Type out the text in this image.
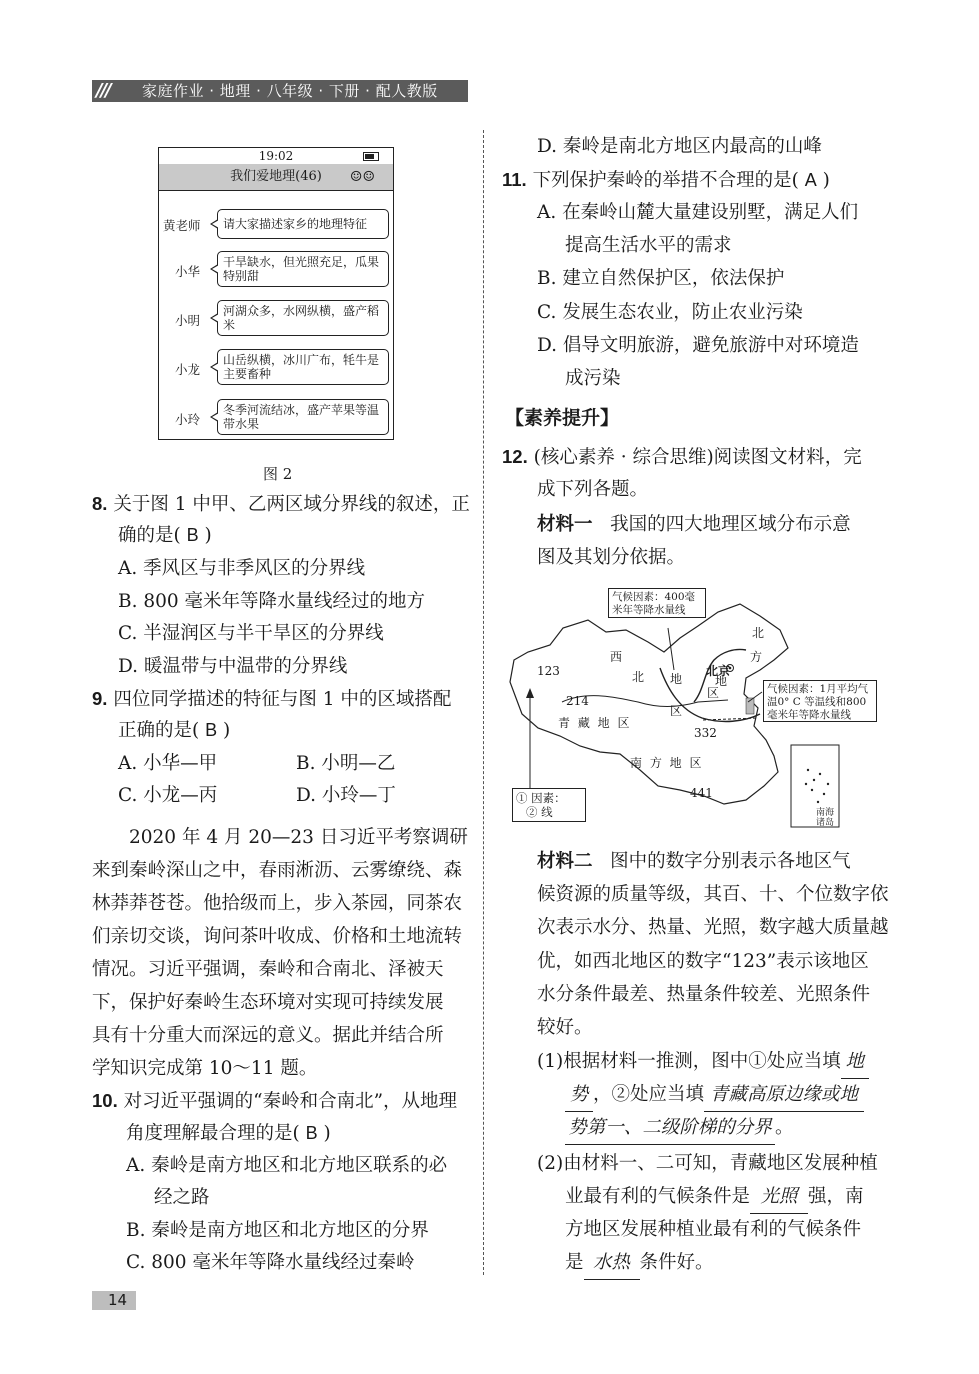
/// 家庭作业 · 地理 · 八年级 · 下册 · 配人教版
19:02
我们爱地理(46) ☺☺
黄老师	请大家描述家乡的地理特征
小华
干旱缺水，但光照充足，瓜果特别甜
小明
河湖众多，水网纵横，盛产稻米
小龙
山岳纵横，冰川广布，牦牛是主要畜种
小玲
冬季河流结冰，盛产苹果等温带水果
图 2
8. 关于图 1 中甲、乙两区域分界线的叙述，正
确的是( B )
A. 季风区与非季风区的分界线
B. 800 毫米年等降水量线经过的地方
C. 半湿润区与半干旱区的分界线
D. 暖温带与中温带的分界线
9. 四位同学描述的特征与图 1 中的区域搭配
正确的是( B )
A. 小华—甲	B. 小明—乙
C. 小龙—丙	D. 小玲—丁
2020 年 4 月 20—23 日习近平考察调研
来到秦岭深山之中，春雨淅沥、云雾缭绕、森
林莽莽苍苍。他拾级而上，步入茶园，同茶农
们亲切交谈，询问茶叶收成、价格和土地流转
情况。习近平强调，秦岭和合南北、泽被天
下，保护好秦岭生态环境对实现可持续发展
具有十分重大而深远的意义。据此并结合所
学知识完成第 10～11 题。
10. 对习近平强调的“秦岭和合南北”，从地理
角度理解最合理的是( B )
A. 秦岭是南方地区和北方地区联系的必
经之路
B. 秦岭是南方地区和北方地区的分界
C. 800 毫米年等降水量线经过秦岭
D. 秦岭是南北方地区内最高的山峰
11. 下列保护秦岭的举措不合理的是( A )
A. 在秦岭山麓大量建设别墅，满足人们
提高生活水平的需求
B. 建立自然保护区，依法保护
C. 发展生态农业，防止农业污染
D. 倡导文明旅游，避免旅游中对环境造
成污染
【素养提升】
12. (核心素养 · 综合思维)阅读图文材料，完
成下列各题。
材料一 我国的四大地理区域分布示意
图及其划分依据。
气候因素：400毫米年等降水量线
气候因素：1月平均气温0° C 等温线和800毫米年等降水量线
① 因素：
② 线
西
北 地
区
北
方
地
区
青 藏 地 区
南 方 地 区
北京
123
214
332
441
南海诸岛
材料二 图中的数字分别表示各地区气
候资源的质量等级，其百、十、个位数字依
次表示水分、热量、光照，数字越大质量越
优，如西北地区的数字“123”表示该地区
水分条件最差、热量条件较差、光照条件
较好。
(1)根据材料一推测，图中①处应当填 地
势 ，②处应当填 青藏高原边缘或地
势第一、二级阶梯的分界 。
(2)由材料一、二可知，青藏地区发展种植
业最有利的气候条件是 光照 强，南
方地区发展种植业最有利的气候条件
是 水热 条件好。
14
